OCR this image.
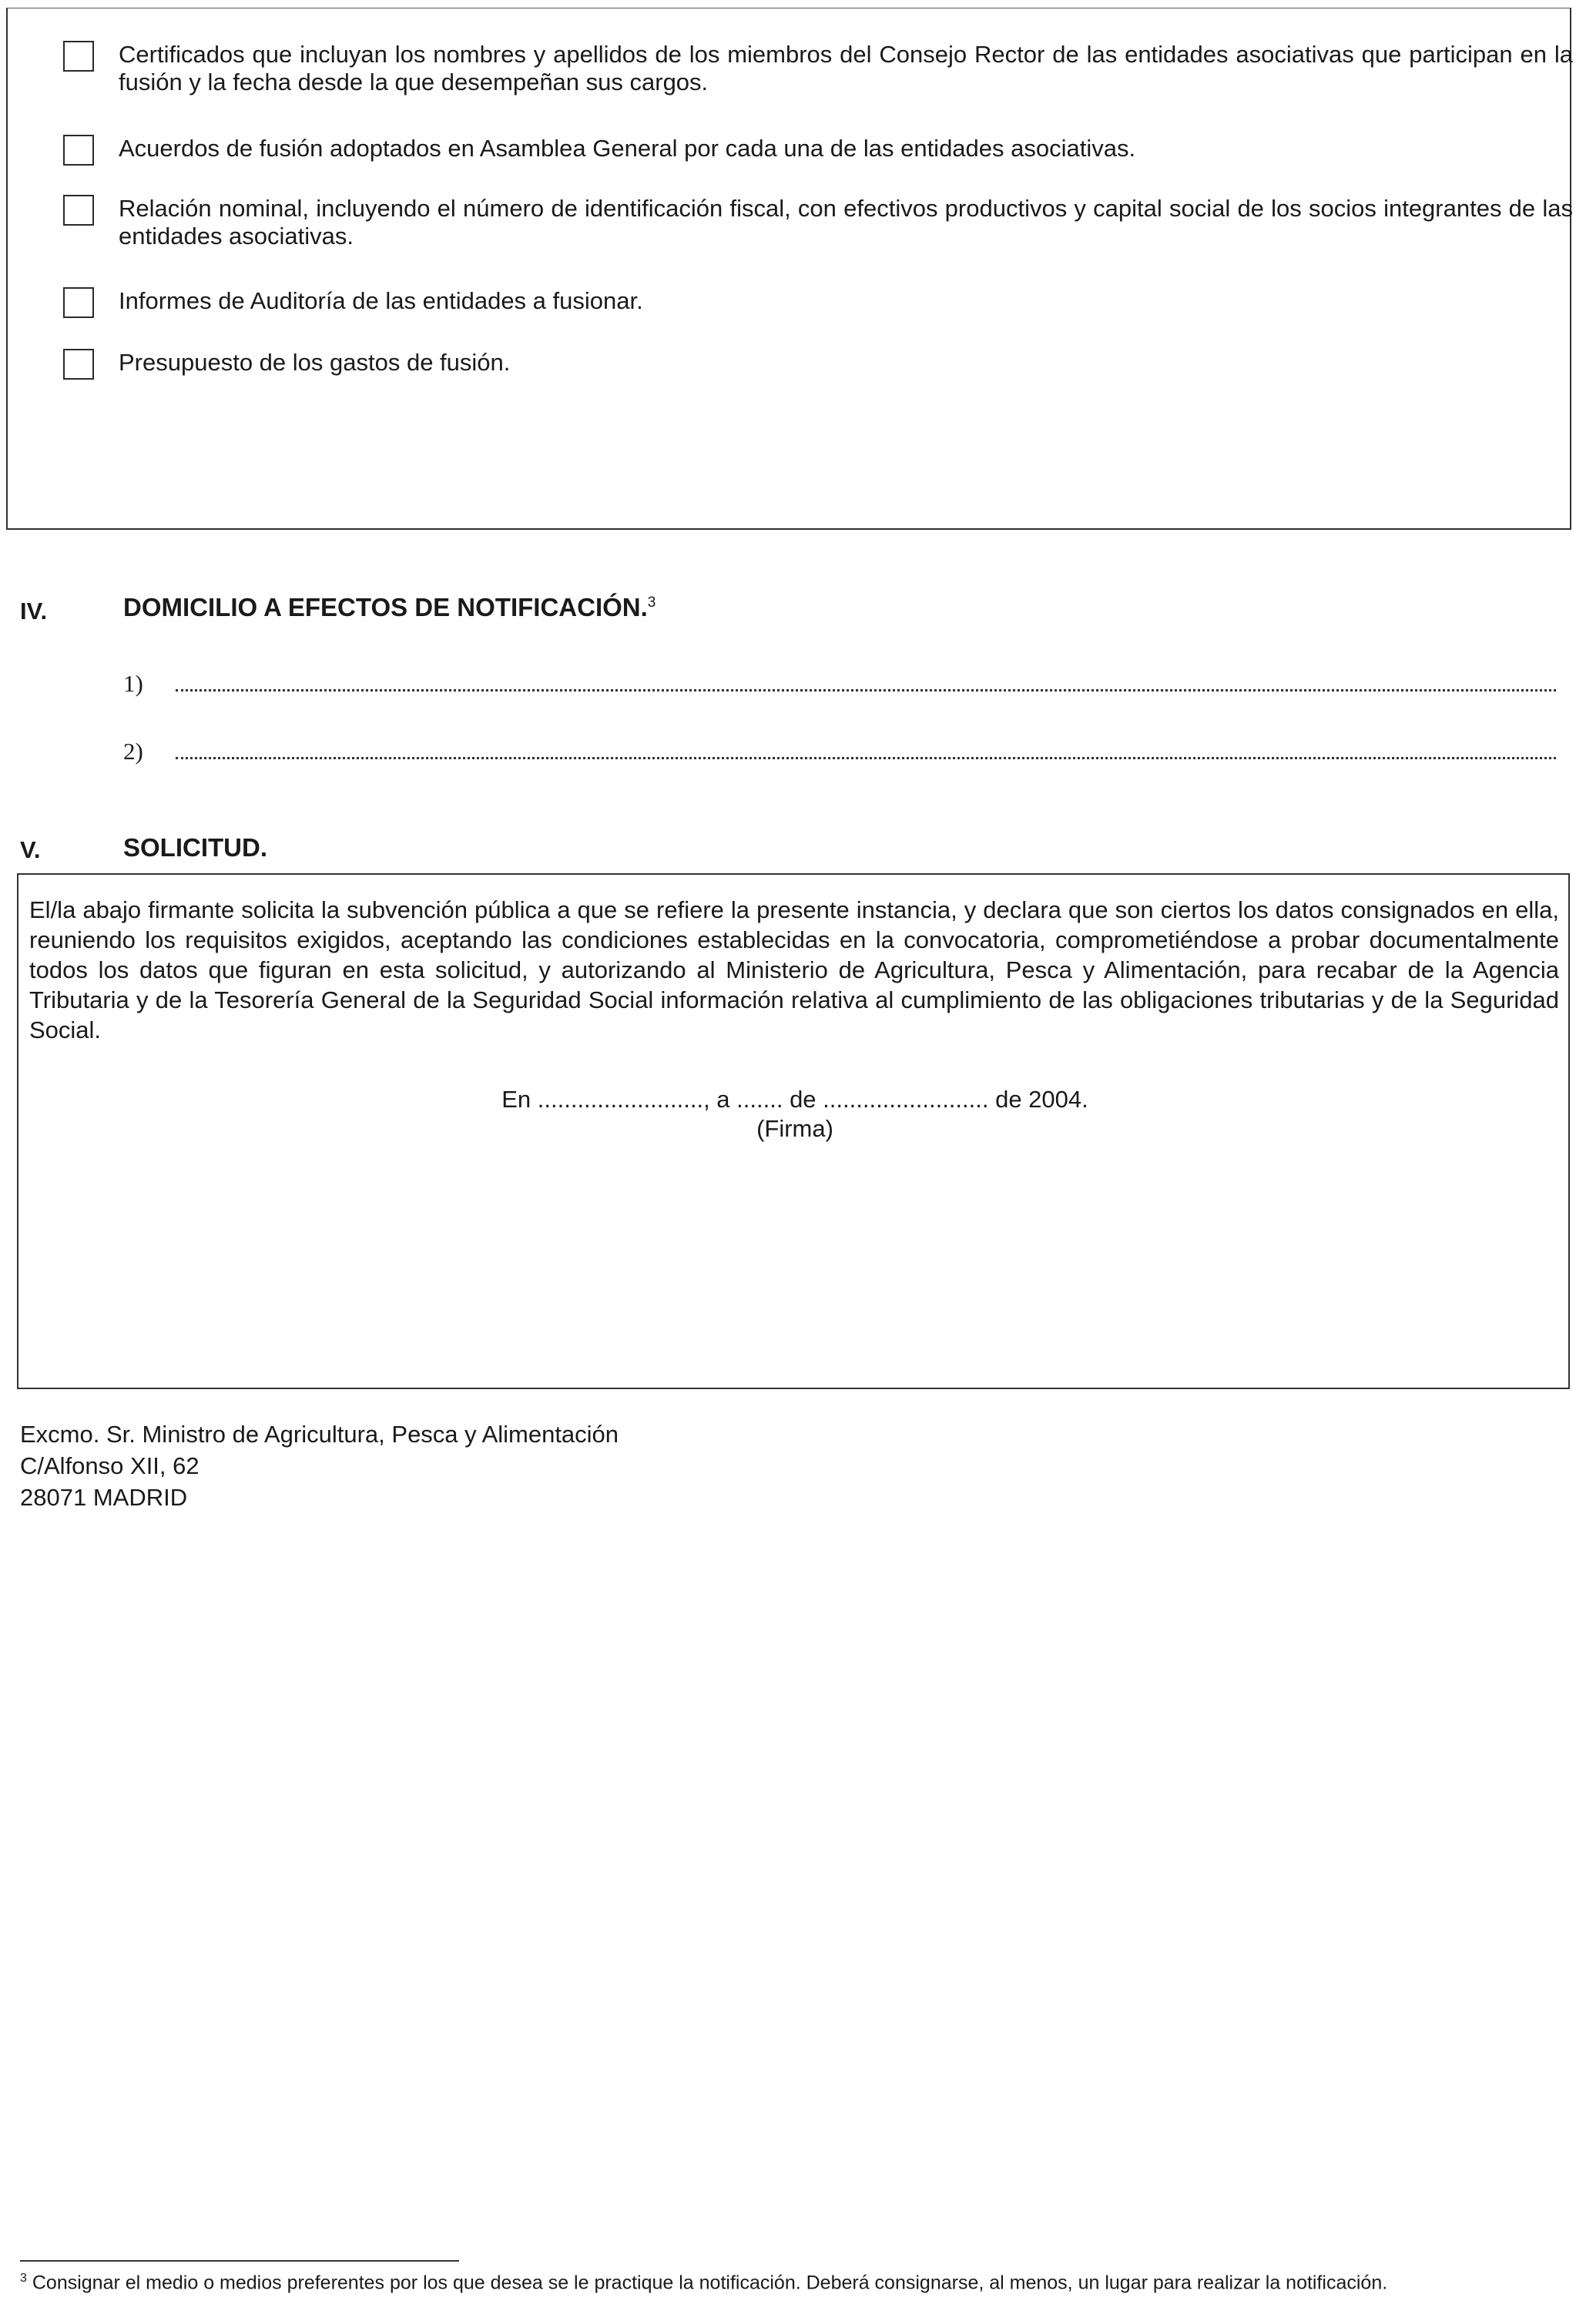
Certificados que incluyan los nombres y apellidos de los miembros del Consejo Rector de las entidades asociativas que participan en la fusión y la fecha desde la que desempeñan sus cargos.
Acuerdos de fusión adoptados en Asamblea General por cada una de las entidades asociativas.
Relación nominal, incluyendo el número de identificación fiscal, con efectivos productivos y capital social de los socios integrantes de las entidades asociativas.
Informes de Auditoría de las entidades a fusionar.
Presupuesto de los gastos de fusión.
IV.	DOMICILIO A EFECTOS DE NOTIFICACIÓN.$^3$
1)
2)
V.	SOLICITUD.
El/la abajo firmante solicita la subvención pública a que se refiere la presente instancia, y declara que son ciertos los datos consignados en ella, reuniendo los requisitos exigidos, aceptando las condiciones establecidas en la convocatoria, comprometiéndose a probar documentalmente todos los datos que figuran en esta solicitud, y autorizando al Ministerio de Agricultura, Pesca y Alimentación, para recabar de la Agencia Tributaria y de la Tesorería General de la Seguridad Social información relativa al cumplimiento de las obligaciones tributarias y de la Seguridad Social.
En ........................., a ....... de ......................... de 2004.
(Firma)
Excmo. Sr. Ministro de Agricultura, Pesca y Alimentación
C/Alfonso XII, 62
28071 MADRID
$^3$ Consignar el medio o medios preferentes por los que desea se le practique la notificación. Deberá consignarse, al menos, un lugar para realizar la notificación.
